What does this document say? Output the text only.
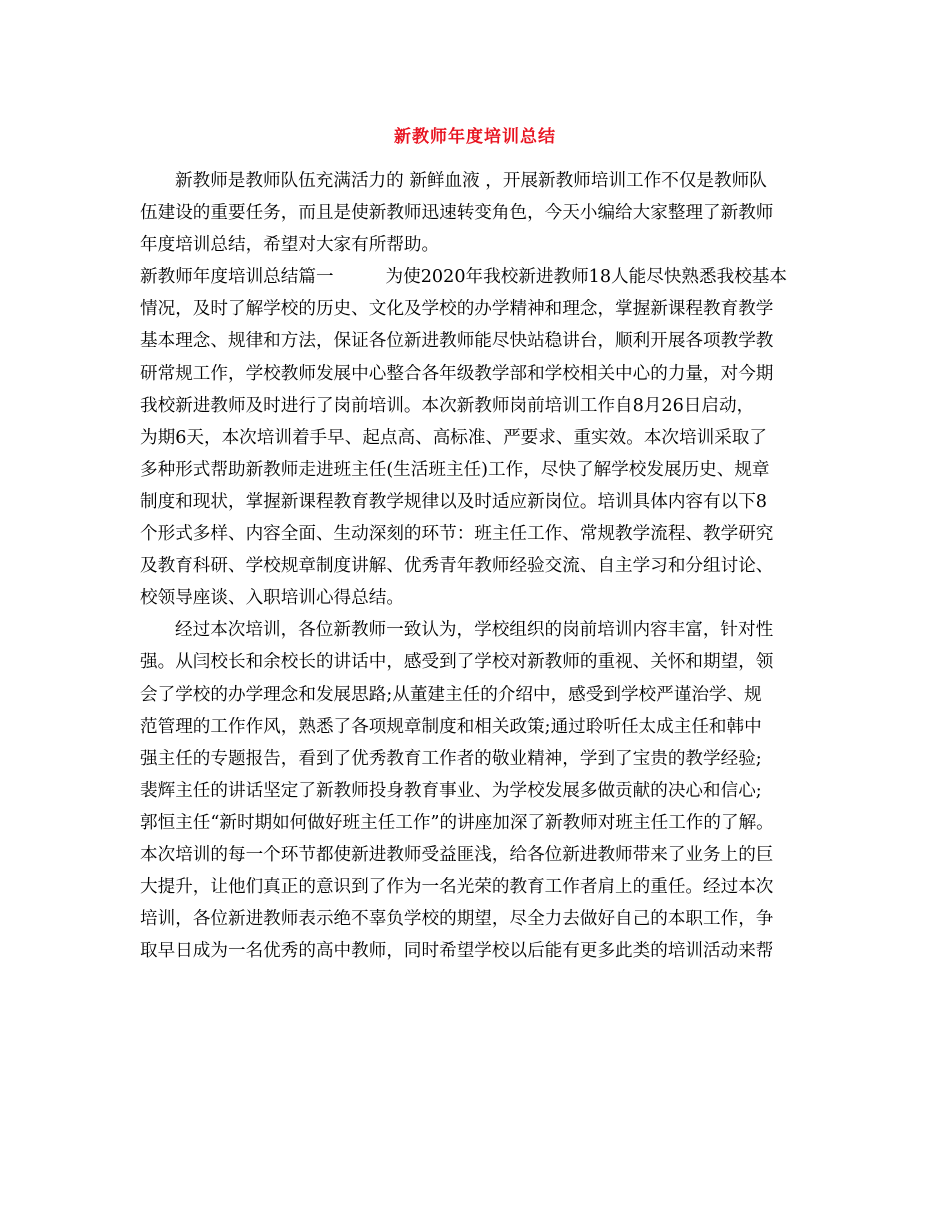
新教师年度培训总结
新教师是教师队伍充满活力的 新鲜血液 ，开展新教师培训工作不仅是教师队
伍建设的重要任务，而且是使新教师迅速转变角色，今天小编给大家整理了新教师
年度培训总结，希望对大家有所帮助。
新教师年度培训总结篇一	为使2020年我校新进教师18人能尽快熟悉我校基本
情况，及时了解学校的历史、文化及学校的办学精神和理念，掌握新课程教育教学
基本理念、规律和方法，保证各位新进教师能尽快站稳讲台，顺利开展各项教学教
研常规工作，学校教师发展中心整合各年级教学部和学校相关中心的力量，对今期
我校新进教师及时进行了岗前培训。本次新教师岗前培训工作自8月26日启动，
为期6天，本次培训着手早、起点高、高标准、严要求、重实效。本次培训采取了
多种形式帮助新教师走进班主任(生活班主任)工作，尽快了解学校发展历史、规章
制度和现状，掌握新课程教育教学规律以及时适应新岗位。培训具体内容有以下8
个形式多样、内容全面、生动深刻的环节：班主任工作、常规教学流程、教学研究
及教育科研、学校规章制度讲解、优秀青年教师经验交流、自主学习和分组讨论、
校领导座谈、入职培训心得总结。
经过本次培训，各位新教师一致认为，学校组织的岗前培训内容丰富，针对性
强。从闫校长和余校长的讲话中，感受到了学校对新教师的重视、关怀和期望，领
会了学校的办学理念和发展思路;从董建主任的介绍中，感受到学校严谨治学、规
范管理的工作作风，熟悉了各项规章制度和相关政策;通过聆听任太成主任和韩中
强主任的专题报告，看到了优秀教育工作者的敬业精神，学到了宝贵的教学经验;
裴辉主任的讲话坚定了新教师投身教育事业、为学校发展多做贡献的决心和信心;
郭恒主任“新时期如何做好班主任工作”的讲座加深了新教师对班主任工作的了解。
本次培训的每一个环节都使新进教师受益匪浅，给各位新进教师带来了业务上的巨
大提升，让他们真正的意识到了作为一名光荣的教育工作者肩上的重任。经过本次
培训，各位新进教师表示绝不辜负学校的期望，尽全力去做好自己的本职工作，争
取早日成为一名优秀的高中教师，同时希望学校以后能有更多此类的培训活动来帮
